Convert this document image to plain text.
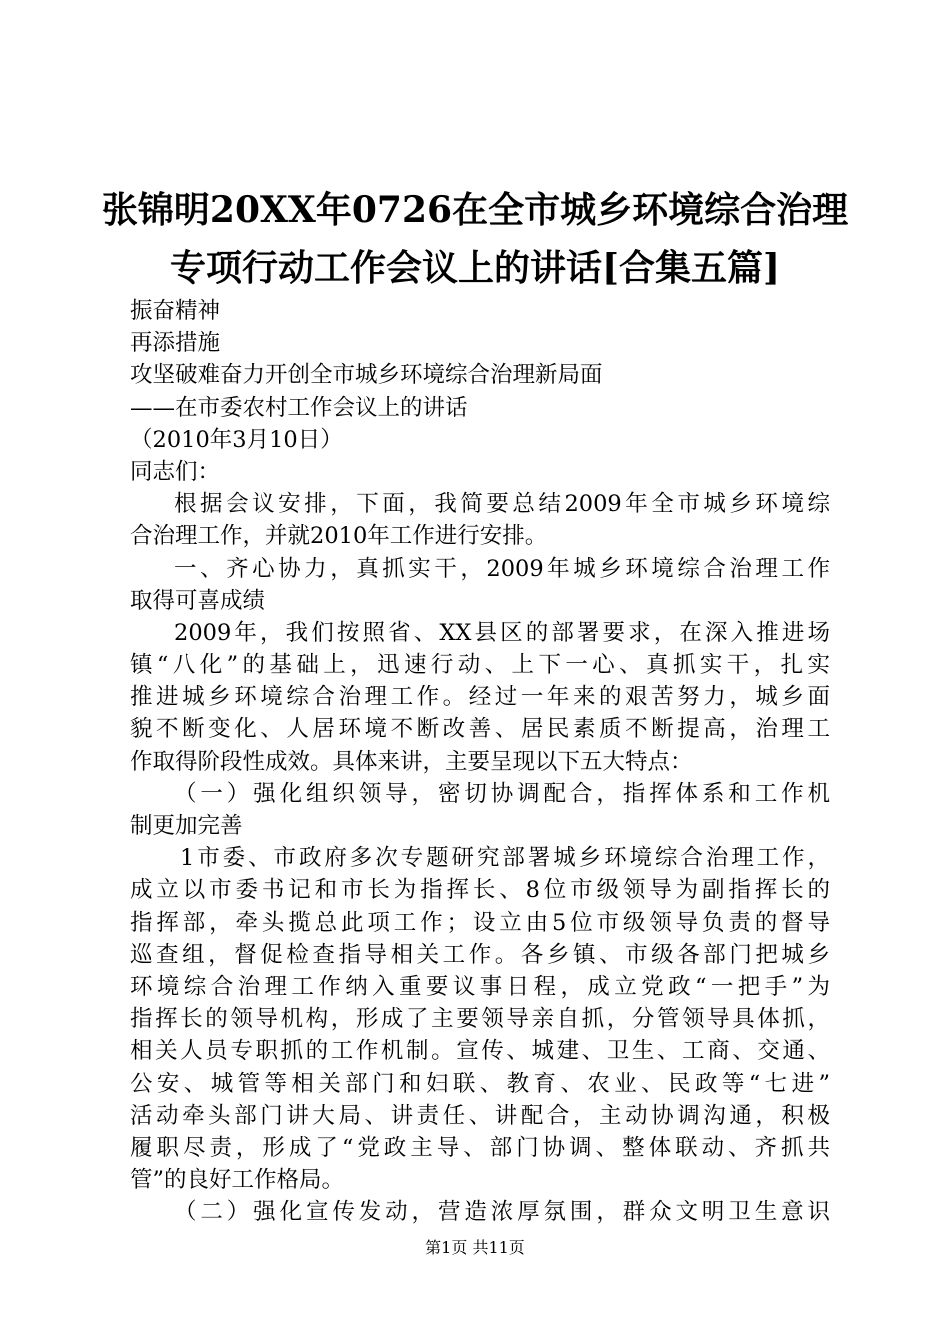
张锦明20XX年0726在全市城乡环境综合治理
专项行动工作会议上的讲话[合集五篇]
振奋精神
再添措施
攻坚破难奋力开创全市城乡环境综合治理新局面
——在市委农村工作会议上的讲话
（2010年3月10日）
同志们：
根据会议安排，下面，我简要总结2009年全市城乡环境综
合治理工作，并就2010年工作进行安排。
一、齐心协力，真抓实干，2009年城乡环境综合治理工作
取得可喜成绩
2009年，我们按照省、XX县区的部署要求，在深入推进场
镇“八化”的基础上，迅速行动、上下一心、真抓实干，扎实
推进城乡环境综合治理工作。经过一年来的艰苦努力，城乡面
貌不断变化、人居环境不断改善、居民素质不断提高，治理工
作取得阶段性成效。具体来讲，主要呈现以下五大特点：
（一）强化组织领导，密切协调配合，指挥体系和工作机
制更加完善
1市委、市政府多次专题研究部署城乡环境综合治理工作，
成立以市委书记和市长为指挥长、8位市级领导为副指挥长的
指挥部，牵头揽总此项工作；设立由5位市级领导负责的督导
巡查组，督促检查指导相关工作。各乡镇、市级各部门把城乡
环境综合治理工作纳入重要议事日程，成立党政“一把手”为
指挥长的领导机构，形成了主要领导亲自抓，分管领导具体抓，
相关人员专职抓的工作机制。宣传、城建、卫生、工商、交通、
公安、城管等相关部门和妇联、教育、农业、民政等“七进”
活动牵头部门讲大局、讲责任、讲配合，主动协调沟通，积极
履职尽责，形成了“党政主导、部门协调、整体联动、齐抓共
管”的良好工作格局。
（二）强化宣传发动，营造浓厚氛围，群众文明卫生意识
第1页 共11页
